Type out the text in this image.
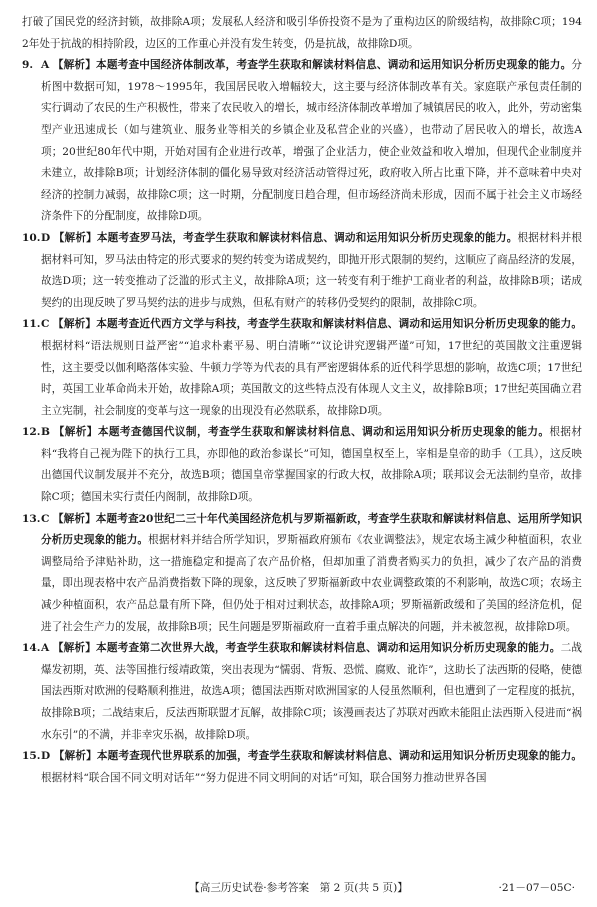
打破了国民党的经济封锁，故排除A项；发展私人经济和吸引华侨投资不是为了重构边区的阶级结构，故排除C项；1942年处于抗战的相持阶段，边区的工作重心并没有发生转变，仍是抗战，故排除D项。

9. A 【解析】本题考查中国经济体制改革，考查学生获取和解读材料信息、调动和运用知识分析历史现象的能力。分析图中数据可知，1978～1995年，我国居民收入增幅较大，这主要与经济体制改革有关。家庭联产承包责任制的实行调动了农民的生产积极性，带来了农民收入的增长，城市经济体制改革增加了城镇居民的收入，此外，劳动密集型产业迅速成长（如与建筑业、服务业等相关的乡镇企业及私营企业的兴盛），也带动了居民收入的增长，故选A项；20世纪80年代中期，开始对国有企业进行改革，增强了企业活力，使企业效益和收入增加，但现代企业制度并未建立，故排除B项；计划经济体制的僵化易导致对经济活动管得过死，政府收入所占比重下降，并不意味着中央对经济的控制力减弱，故排除C项；这一时期，分配制度日趋合理，但市场经济尚未形成，因而不属于社会主义市场经济条件下的分配制度，故排除D项。

10. D 【解析】本题考查罗马法，考查学生获取和解读材料信息、调动和运用知识分析历史现象的能力。根据材料并根据材料可知，罗马法由特定的形式要求的契约转变为诺成契约，即抛开形式限制的契约，这顺应了商品经济的发展，故选D项；这一转变推动了泛滥的形式主义，故排除A项；这一转变有利于维护工商业者的利益，故排除B项；诺成契约的出现反映了罗马契约法的进步与成熟，但私有财产的转移仍受契约的限制，故排除C项。

11. C 【解析】本题考查近代西方文学与科技，考查学生获取和解读材料信息、调动和运用知识分析历史现象的能力。根据材料“语法规则日益严密”“追求朴素平易、明白清晰”“议论讲究逻辑严谨”可知，17世纪的英国散文注重逻辑性，这主要受以伽利略落体实验、牛顿力学等为代表的具有严密逻辑体系的近代科学思想的影响，故选C项；17世纪时，英国工业革命尚未开始，故排除A项；英国散文的这些特点没有体现人文主义，故排除B项；17世纪英国确立君主立宪制，社会制度的变革与这一现象的出现没有必然联系，故排除D项。

12. B 【解析】本题考查德国代议制，考查学生获取和解读材料信息、调动和运用知识分析历史现象的能力。根据材料“我将自己视为陛下的执行工具，亦即他的政治参谋长”可知，德国皇权至上，宰相是皇帝的助手（工具），这反映出德国代议制发展并不充分，故选B项；德国皇帝掌握国家的行政大权，故排除A项；联邦议会无法制约皇帝，故排除C项；德国未实行责任内阁制，故排除D项。

13. C 【解析】本题考查20世纪二三十年代美国经济危机与罗斯福新政，考查学生获取和解读材料信息、运用所学知识分析历史现象的能力。根据材料并结合所学知识，罗斯福政府颁布《农业调整法》，规定农场主减少种植面积，农业调整局给予津贴补助，这一措施稳定和提高了农产品价格，但却加重了消费者购买力的负担，减少了农产品的消费量，即出现表格中农产品消费指数下降的现象，这反映了罗斯福新政中农业调整政策的不利影响，故选C项；农场主减少种植面积，农产品总量有所下降，但仍处于相对过剩状态，故排除A项；罗斯福新政缓和了美国的经济危机，促进了社会生产力的发展，故排除B项；民生问题是罗斯福政府一直着手重点解决的问题，并未被忽视，故排除D项。

14. A 【解析】本题考查第二次世界大战，考查学生获取和解读材料信息、调动和运用知识分析历史现象的能力。二战爆发初期，英、法等国推行绥靖政策，突出表现为“懦弱、背叛、恐慌、腐败、讹诈”，这助长了法西斯的侵略，使德国法西斯对欧洲的侵略顺利推进，故选A项；德国法西斯对欧洲国家的人侵虽然顺利，但也遭到了一定程度的抵抗，故排除B项；二战结束后，反法西斯联盟才瓦解，故排除C项；该漫画表达了苏联对西欧未能阻止法西斯入侵进而“祸水东引”的不满，并非幸灾乐祸，故排除D项。

15. D 【解析】本题考查现代世界联系的加强，考查学生获取和解读材料信息、调动和运用知识分析历史现象的能力。根据材料“联合国不同文明对话年”“努力促进不同文明间的对话”可知，联合国努力推动世界各国

【高三历史试卷·参考答案　第 2 页(共 5 页)】	·21－07－05C·
